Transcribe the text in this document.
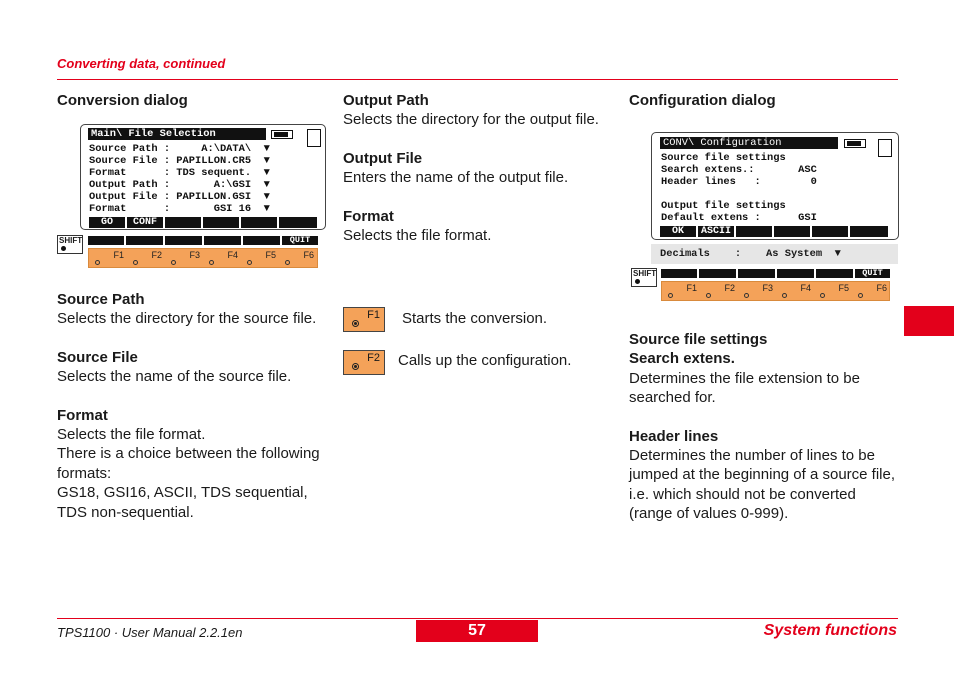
Converting data, continued

Conversion dialog

Main\ File Selection
Source Path :     A:\DATA\  ▼
Source File : PAPILLON.CR5  ▼
Format      : TDS sequent.  ▼
Output Path :       A:\GSI  ▼
Output File : PAPILLON.GSI  ▼
Format      :       GSI 16  ▼
GO	CONF
SHIFT	QUIT
F1	F2	F3	F4	F5	F6

Source Path

Selects the directory for the source file.

Source File

Selects the name of the source file.

Format

Selects the file format.

There is a choice between the following formats:

GS18, GSI16, ASCII, TDS sequential, TDS non-sequential.

Output Path

Selects the directory for the output file.

Output File

Enters the name of the output file.

Format

Selects the file format.

F1 Starts the conversion.
F2 Calls up the configuration.

Configuration dialog

CONV\ Configuration
Source file settings
Search extens.:       ASC
Header lines   :        0
Output file settings
Default extens :      GSI
OK	ASCII
Decimals    :    As System  ▼
SHIFT	QUIT
F1	F2	F3	F4	F5	F6

Source file settings

Search extens.

Determines the file extension to be searched for.

Header lines

Determines the number of lines to be jumped at the beginning of a source file, i.e. which should not be converted (range of values 0-999).

TPS1100 · User Manual 2.2.1en	57	System functions
